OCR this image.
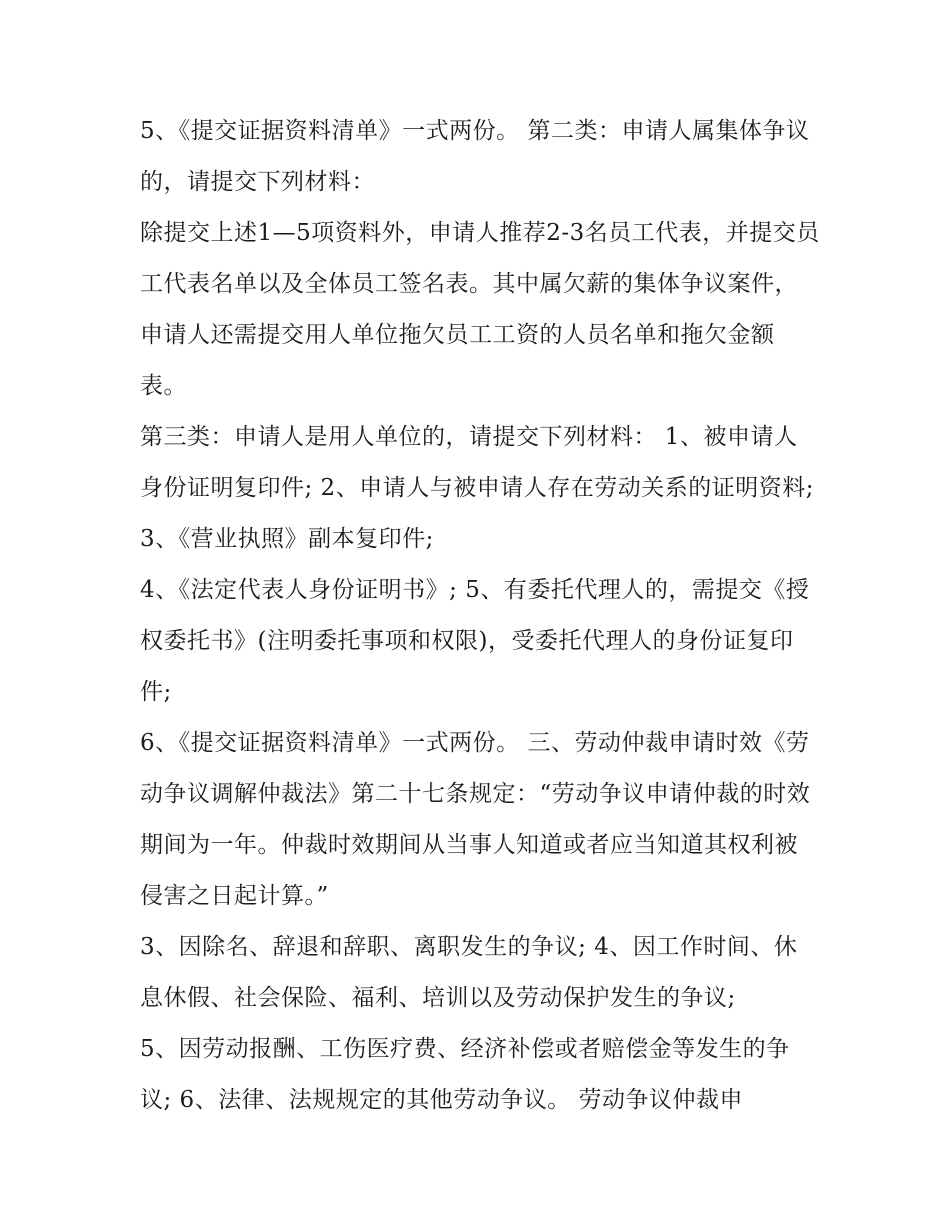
5、《提交证据资料清单》一式两份。 第二类：申请人属集体争议的，请提交下列材料：

除提交上述1—5项资料外，申请人推荐2-3名员工代表，并提交员工代表名单以及全体员工签名表。其中属欠薪的集体争议案件，申请人还需提交用人单位拖欠员工工资的人员名单和拖欠金额表。

第三类：申请人是用人单位的，请提交下列材料： 1、被申请人身份证明复印件; 2、申请人与被申请人存在劳动关系的证明资料; 3、《营业执照》副本复印件;

4、《法定代表人身份证明书》; 5、有委托代理人的，需提交《授权委托书》(注明委托事项和权限)，受委托代理人的身份证复印件;

6、《提交证据资料清单》一式两份。 三、劳动仲裁申请时效《劳动争议调解仲裁法》第二十七条规定：“劳动争议申请仲裁的时效期间为一年。仲裁时效期间从当事人知道或者应当知道其权利被侵害之日起计算。”

3、因除名、辞退和辞职、离职发生的争议; 4、因工作时间、休息休假、社会保险、福利、培训以及劳动保护发生的争议;

5、因劳动报酬、工伤医疗费、经济补偿或者赔偿金等发生的争议; 6、法律、法规规定的其他劳动争议。 劳动争议仲裁申
